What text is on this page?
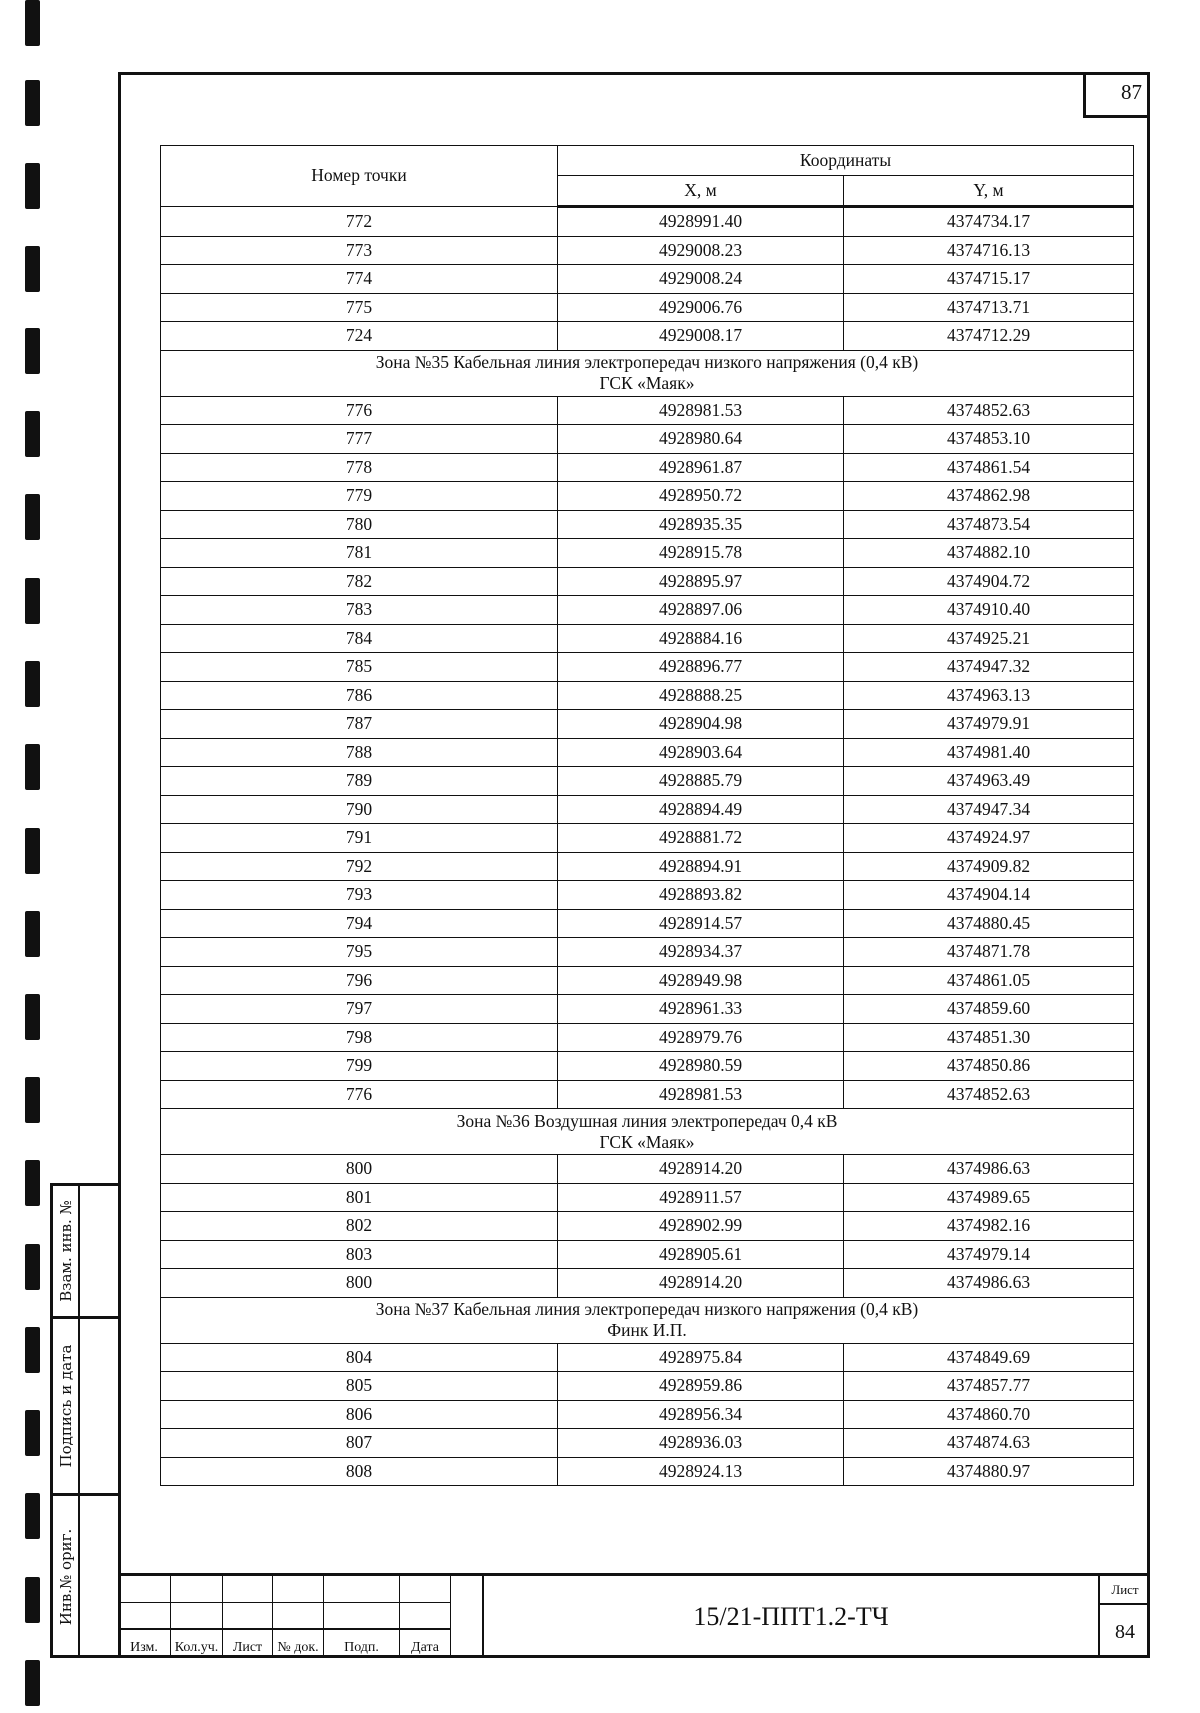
87
Номер точки	Координаты	
	X, м	Y, м
772	4928991.40	4374734.17
773	4929008.23	4374716.13
774	4929008.24	4374715.17
775	4929006.76	4374713.71
724	4929008.17	4374712.29

Зона №35 Кабельная линия электропередач низкого напряжения (0,4 кВ)
ГСК «Маяк»		

776	4928981.53	4374852.63
777	4928980.64	4374853.10
778	4928961.87	4374861.54
779	4928950.72	4374862.98
780	4928935.35	4374873.54
781	4928915.78	4374882.10
782	4928895.97	4374904.72
783	4928897.06	4374910.40
784	4928884.16	4374925.21
785	4928896.77	4374947.32
786	4928888.25	4374963.13
787	4928904.98	4374979.91
788	4928903.64	4374981.40
789	4928885.79	4374963.49
790	4928894.49	4374947.34
791	4928881.72	4374924.97
792	4928894.91	4374909.82
793	4928893.82	4374904.14
794	4928914.57	4374880.45
795	4928934.37	4374871.78
796	4928949.98	4374861.05
797	4928961.33	4374859.60
798	4928979.76	4374851.30
799	4928980.59	4374850.86
776	4928981.53	4374852.63

Зона №36 Воздушная линия электропередач 0,4 кВ
ГСК «Маяк»		

800	4928914.20	4374986.63
801	4928911.57	4374989.65
802	4928902.99	4374982.16
803	4928905.61	4374979.14
800	4928914.20	4374986.63

Зона №37 Кабельная линия электропередач низкого напряжения (0,4 кВ)
Финк И.П.		

804	4928975.84	4374849.69
805	4928959.86	4374857.77
806	4928956.34	4374860.70
807	4928936.03	4374874.63
808	4928924.13	4374880.97
Взам. инв. №
Подпись и дата
Инв.№ ориг.
Изм.	Кол.уч.	Лист	№ док.	Подп.	Дата
15/21-ППТ1.2-ТЧ
Лист
84
